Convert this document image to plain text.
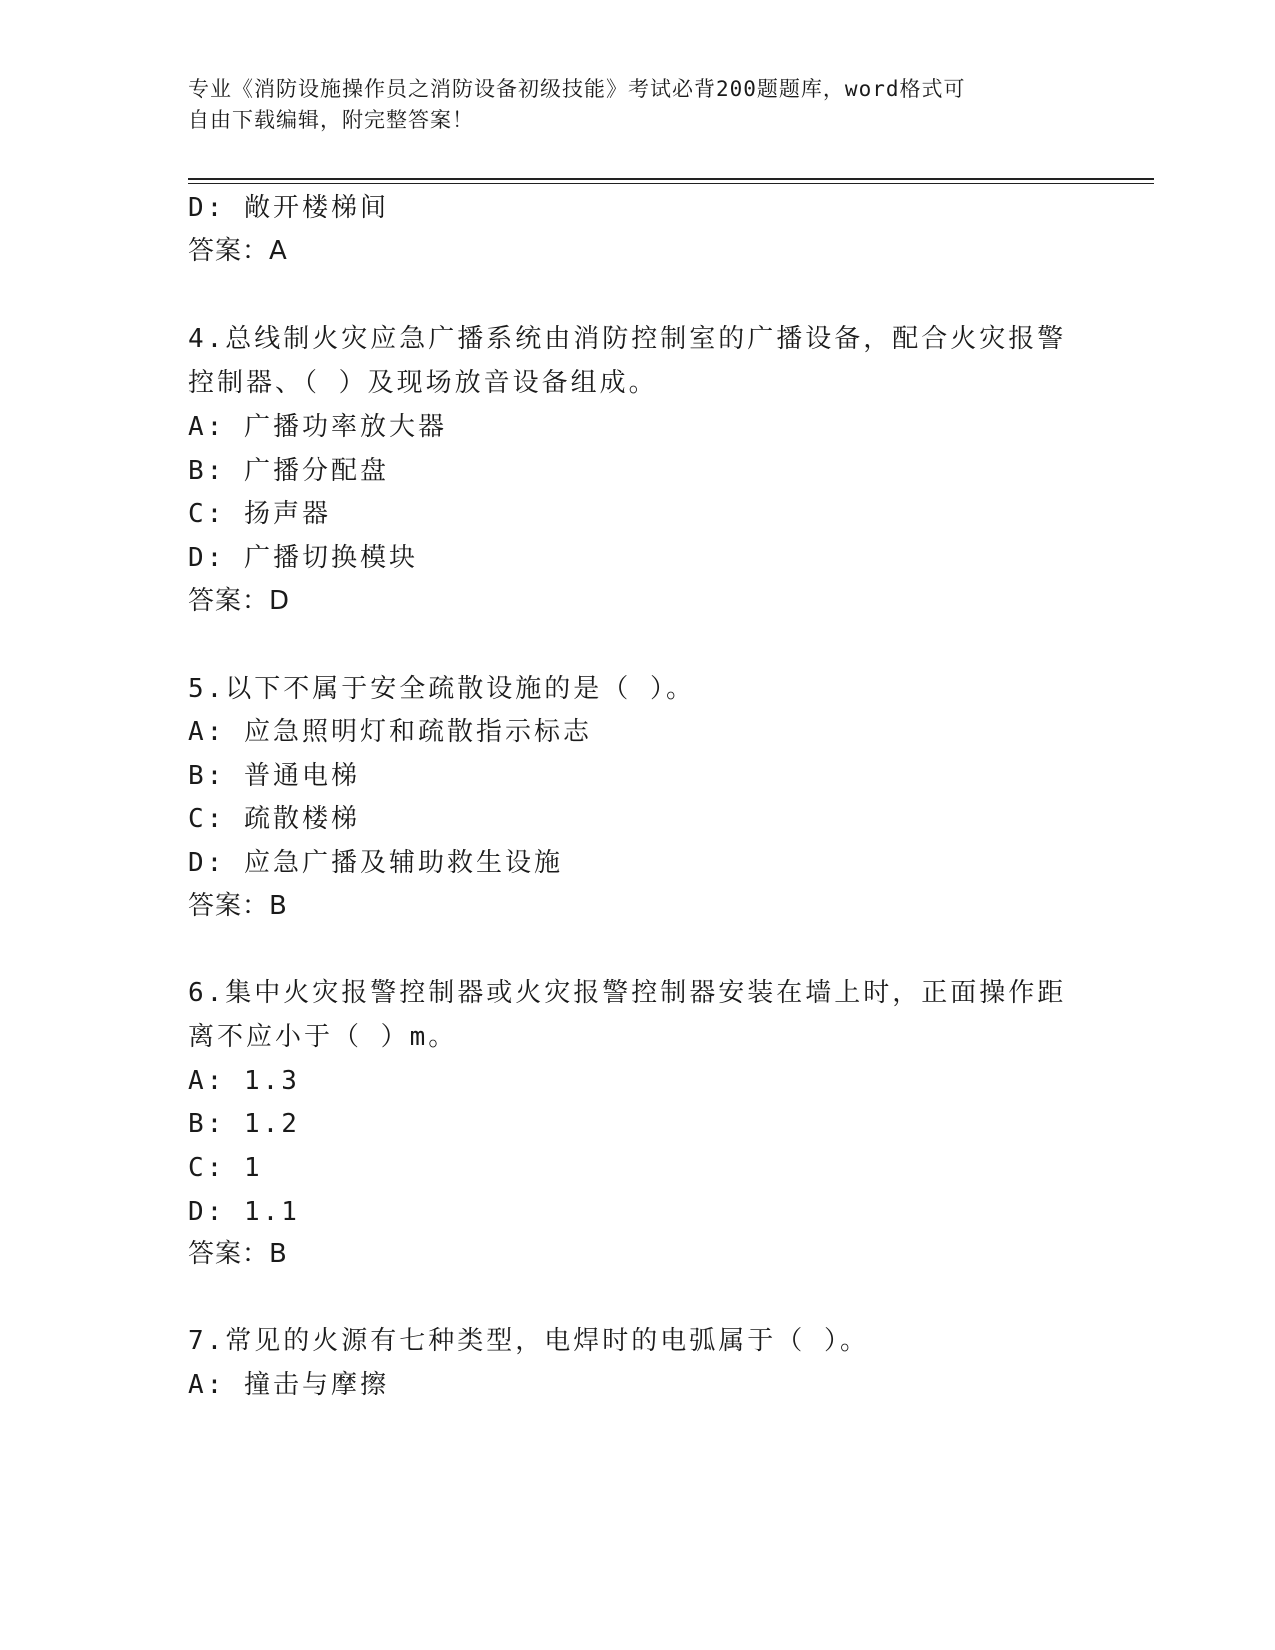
专业《消防设施操作员之消防设备初级技能》考试必背200题题库，word格式可
自由下载编辑，附完整答案！
D: 敞开楼梯间
答案：A
4.总线制火灾应急广播系统由消防控制室的广播设备，配合火灾报警
控制器、（ ）及现场放音设备组成。
A: 广播功率放大器
B: 广播分配盘
C: 扬声器
D: 广播切换模块
答案：D
5.以下不属于安全疏散设施的是（ ）。
A: 应急照明灯和疏散指示标志
B: 普通电梯
C: 疏散楼梯
D: 应急广播及辅助救生设施
答案：B
6.集中火灾报警控制器或火灾报警控制器安装在墙上时，正面操作距
离不应小于（ ）m。
A: 1.3
B: 1.2
C: 1
D: 1.1
答案：B
7.常见的火源有七种类型，电焊时的电弧属于（ ）。
A: 撞击与摩擦
